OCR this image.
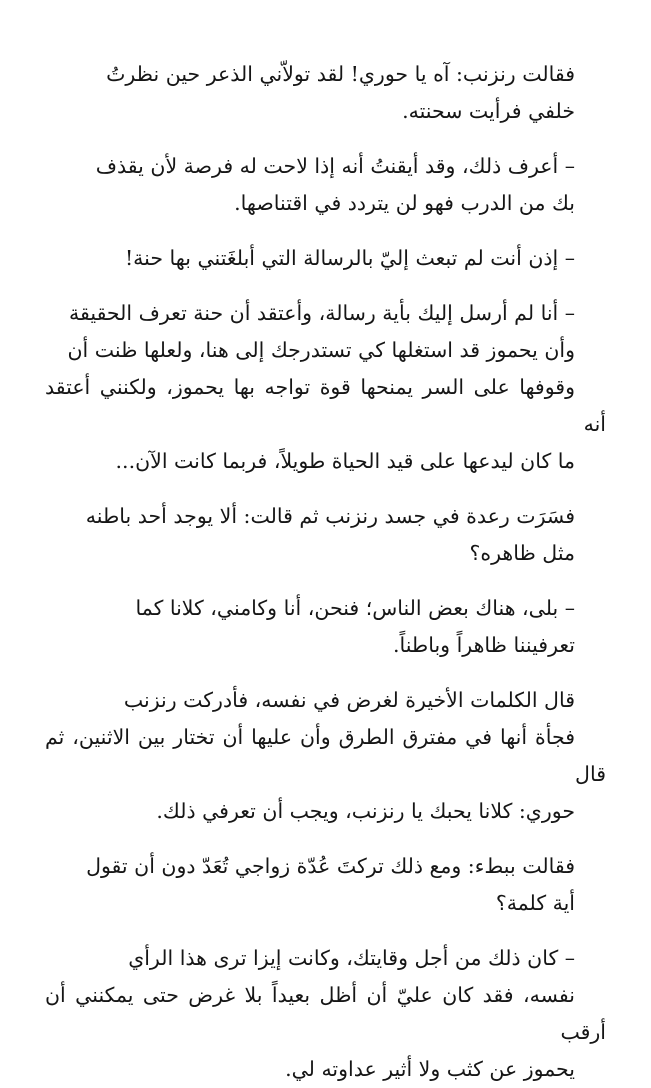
فقالت رنزنب: آه يا حوري! لقد تولاّني الذعر حين نظرتُ
خلفي فرأيت سحنته.

– أعرف ذلك، وقد أيقنتُ أنه إذا لاحت له فرصة لأن يقذف
بك من الدرب فهو لن يتردد في اقتناصها.

– إذن أنت لم تبعث إليّ بالرسالة التي أبلغَتني بها حنة!

– أنا لم أرسل إليك بأية رسالة، وأعتقد أن حنة تعرف الحقيقة
وأن يحموز قد استغلها كي تستدرجك إلى هنا، ولعلها ظنت أن
وقوفها على السر يمنحها قوة تواجه بها يحموز، ولكنني أعتقد أنه
ما كان ليدعها على قيد الحياة طويلاً، فربما كانت الآن...

فسَرَت رعدة في جسد رنزنب ثم قالت: ألا يوجد أحد باطنه
مثل ظاهره؟

– بلى، هناك بعض الناس؛ فنحن، أنا وكامني، كلانا كما
تعرفيننا ظاهراً وباطناً.

قال الكلمات الأخيرة لغرض في نفسه، فأدركت رنزنب
فجأة أنها في مفترق الطرق وأن عليها أن تختار بين الاثنين، ثم قال
حوري: كلانا يحبك يا رنزنب، ويجب أن تعرفي ذلك.

فقالت ببطء: ومع ذلك تركتَ عُدّة زواجي تُعَدّ دون أن تقول
أية كلمة؟

– كان ذلك من أجل وقايتك، وكانت إيزا ترى هذا الرأي
نفسه، فقد كان عليّ أن أظل بعيداً بلا غرض حتى يمكنني أن أرقب
يحموز عن كثب ولا أثير عداوته لي.
